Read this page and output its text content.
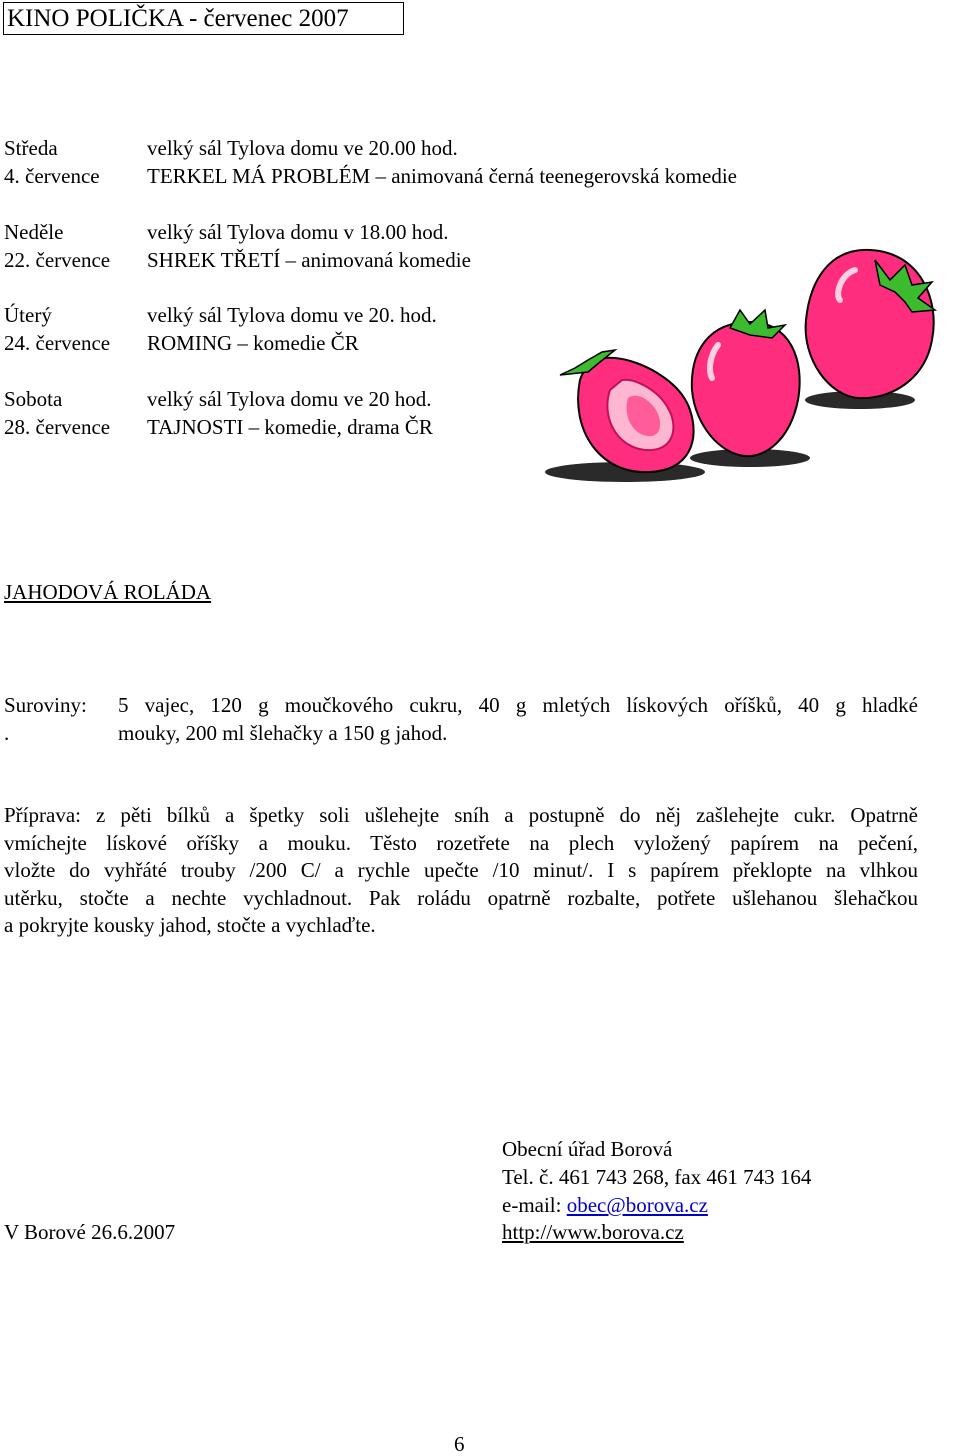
KINO POLIČKA - červenec 2007
Středa	velký sál Tylova domu ve 20.00 hod.
4. července TERKEL MÁ PROBLÉM – animovaná černá teenegerovská komedie
Neděle	velký sál Tylova domu v 18.00 hod.
22. července SHREK TŘETÍ – animovaná komedie
Úterý	velký sál Tylova domu ve 20. hod.
24. července ROMING – komedie ČR
Sobota	velký sál Tylova domu ve 20 hod.
28. července TAJNOSTI – komedie, drama ČR
JAHODOVÁ ROLÁDA
Suroviny: 5 vajec, 120 g moučkového cukru, 40 g mletých lískových oříšků, 40 g hladké
.	mouky, 200 ml šlehačky a 150 g jahod.
Příprava: z pěti bílků a špetky soli ušlehejte sníh a postupně do něj zašlehejte cukr. Opatrně
vmíchejte lískové oříšky a mouku. Těsto rozetřete na plech vyložený papírem na pečení,
vložte do vyhřáté trouby /200 C/ a rychle upečte /10 minut/. I s papírem překlopte na vlhkou
utěrku, stočte a nechte vychladnout. Pak roládu opatrně rozbalte, potřete ušlehanou šlehačkou
a pokryjte kousky jahod, stočte a vychlaďte.
Obecní úřad Borová
Tel. č. 461 743 268, fax 461 743 164
e-mail: obec@borova.cz
V Borové 26.6.2007	http://www.borova.cz
6
